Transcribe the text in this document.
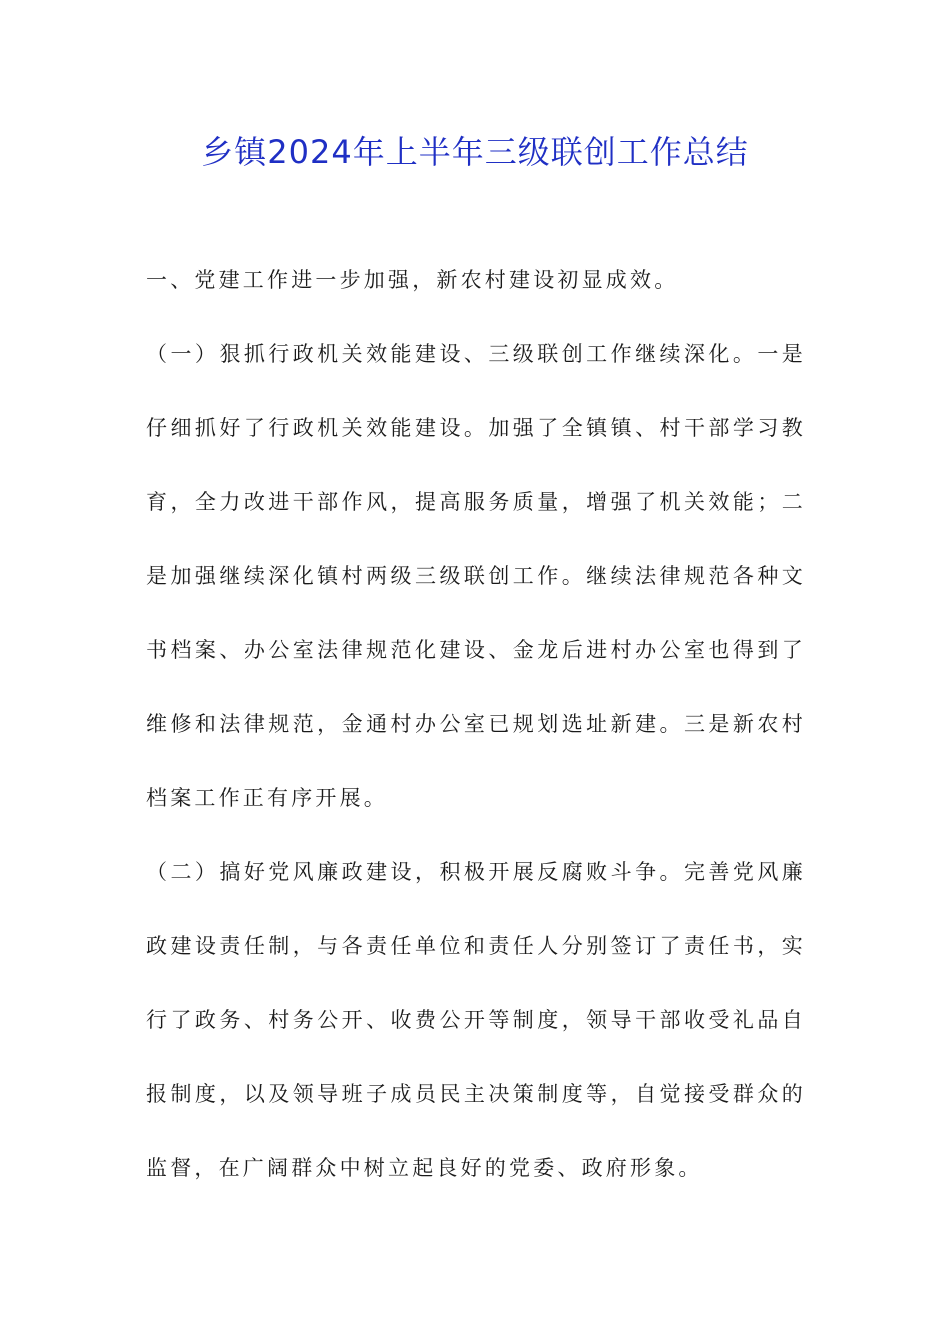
乡镇2024年上半年三级联创工作总结

一、党建工作进一步加强，新农村建设初显成效。

（一）狠抓行政机关效能建设、三级联创工作继续深化。一是仔细抓好了行政机关效能建设。加强了全镇镇、村干部学习教育，全力改进干部作风，提高服务质量，增强了机关效能；二是加强继续深化镇村两级三级联创工作。继续法律规范各种文书档案、办公室法律规范化建设、金龙后进村办公室也得到了维修和法律规范，金通村办公室已规划选址新建。三是新农村档案工作正有序开展。

（二）搞好党风廉政建设，积极开展反腐败斗争。完善党风廉政建设责任制，与各责任单位和责任人分别签订了责任书，实行了政务、村务公开、收费公开等制度，领导干部收受礼品自报制度，以及领导班子成员民主决策制度等，自觉接受群众的监督，在广阔群众中树立起良好的党委、政府形象。
